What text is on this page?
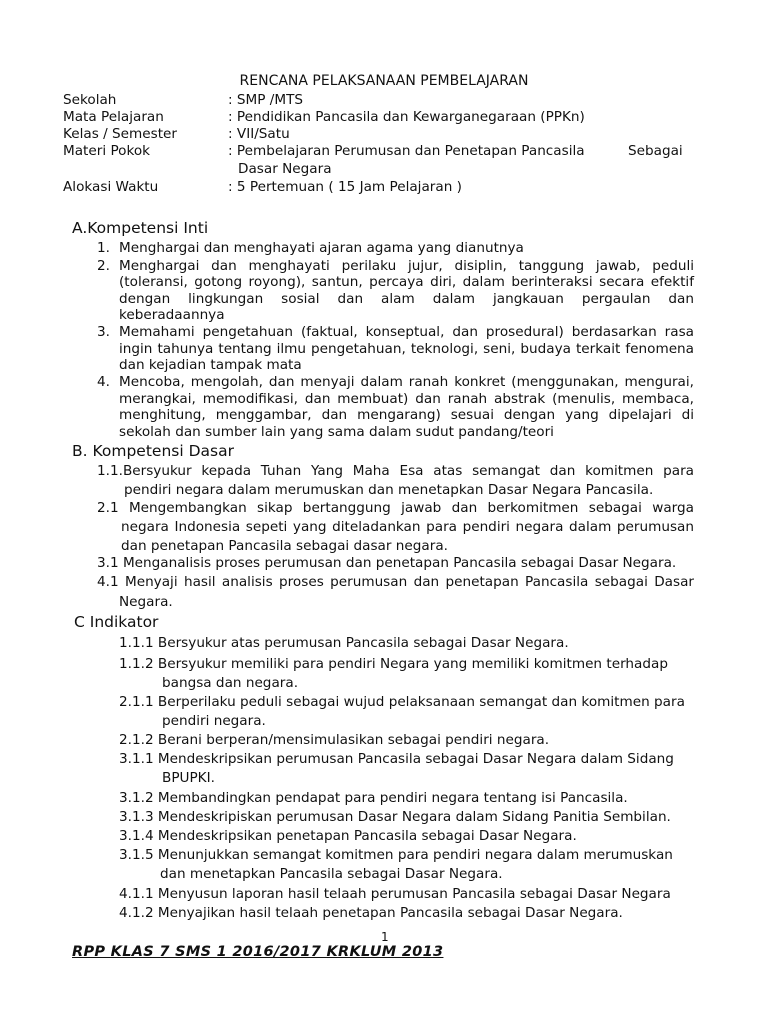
RENCANA PELAKSANAAN PEMBELAJARAN
Sekolah	: SMP /MTS
Mata Pelajaran	: Pendidikan Pancasila dan Kewarganegaraan (PPKn)
Kelas / Semester	: VII/Satu
Materi Pokok	: Pembelajaran Perumusan dan Penetapan Pancasila	Sebagai
Dasar Negara
Alokasi Waktu	: 5 Pertemuan ( 15 Jam Pelajaran )
A.Kompetensi Inti
1. Menghargai dan menghayati ajaran agama yang dianutnya
2. Menghargai dan menghayati perilaku jujur, disiplin, tanggung jawab, peduli
(toleransi, gotong royong), santun, percaya diri, dalam berinteraksi secara efektif
dengan lingkungan sosial dan alam dalam jangkauan pergaulan dan
keberadaannya
3. Memahami pengetahuan (faktual, konseptual, dan prosedural) berdasarkan rasa
ingin tahunya tentang ilmu pengetahuan, teknologi, seni, budaya terkait fenomena
dan kejadian tampak mata
4. Mencoba, mengolah, dan menyaji dalam ranah konkret (menggunakan, mengurai,
merangkai, memodifikasi, dan membuat) dan ranah abstrak (menulis, membaca,
menghitung, menggambar, dan mengarang) sesuai dengan yang dipelajari di
sekolah dan sumber lain yang sama dalam sudut pandang/teori
B. Kompetensi Dasar
1.1.Bersyukur kepada Tuhan Yang Maha Esa atas semangat dan komitmen para
pendiri negara dalam merumuskan dan menetapkan Dasar Negara Pancasila.
2.1 Mengembangkan sikap bertanggung jawab dan berkomitmen sebagai warga
negara Indonesia sepeti yang diteladankan para pendiri negara dalam perumusan
dan penetapan Pancasila sebagai dasar negara.
3.1 Menganalisis proses perumusan dan penetapan Pancasila sebagai Dasar Negara.
4.1 Menyaji hasil analisis proses perumusan dan penetapan Pancasila sebagai Dasar
Negara.
C Indikator
1.1.1 Bersyukur atas perumusan Pancasila sebagai Dasar Negara.
1.1.2 Bersyukur memiliki para pendiri Negara yang memiliki komitmen terhadap
bangsa dan negara.
2.1.1 Berperilaku peduli sebagai wujud pelaksanaan semangat dan komitmen para
pendiri negara.
2.1.2 Berani berperan/mensimulasikan sebagai pendiri negara.
3.1.1 Mendeskripsikan perumusan Pancasila sebagai Dasar Negara dalam Sidang
BPUPKI.
3.1.2 Membandingkan pendapat para pendiri negara tentang isi Pancasila.
3.1.3 Mendeskripiskan perumusan Dasar Negara dalam Sidang Panitia Sembilan.
3.1.4 Mendeskripsikan penetapan Pancasila sebagai Dasar Negara.
3.1.5 Menunjukkan semangat komitmen para pendiri negara dalam merumuskan
dan menetapkan Pancasila sebagai Dasar Negara.
4.1.1 Menyusun laporan hasil telaah perumusan Pancasila sebagai Dasar Negara
4.1.2 Menyajikan hasil telaah penetapan Pancasila sebagai Dasar Negara.
1
RPP KLAS 7 SMS 1 2016/2017 KRKLUM 2013
